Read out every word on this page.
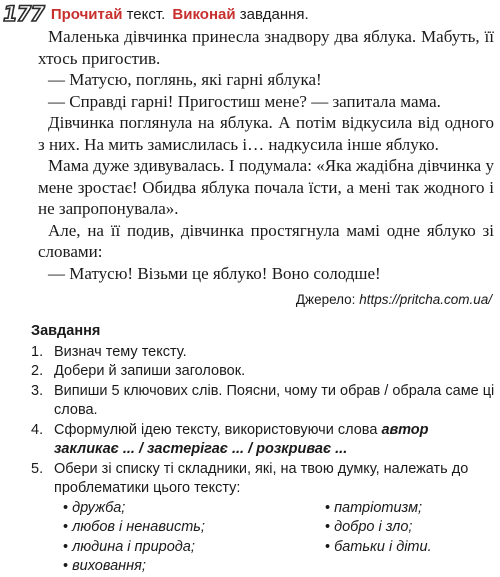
177 Прочитай текст. Виконай завдання.

Маленька дівчинка принесла знадвору два яблука. Мабуть, її хтось пригостив.

— Матусю, поглянь, які гарні яблука!

— Справді гарні! Пригостиш мене? — запитала мама.

Дівчинка поглянула на яблука. А потім відкусила від одного з них. На мить замислилась і… надкусила інше яблуко.

Мама дуже здивувалась. І подумала: «Яка жадібна дівчинка у мене зростає! Обидва яблука почала їсти, а мені так жодного і не запропонувала».

Але, на її подив, дівчинка простягнула мамі одне яблуко зі словами:

— Матусю! Візьми це яблуко! Воно солодше!

Джерело: https://pritcha.com.ua/
Завдання
1. Визнач тему тексту.
2. Добери й запиши заголовок.
3. Випиши 5 ключових слів. Поясни, чому ти обрав / обрала саме ці слова.
4. Сформулюй ідею тексту, використовуючи слова автор закликає ... / застерігає ... / розкриває ...
5. Обери зі списку ті складники, які, на твою думку, належать до проблематики цього тексту:
• дружба;	• патріотизм;
• любов і ненависть;	• добро і зло;
• людина і природа;	• батьки і діти.
• виховання;
